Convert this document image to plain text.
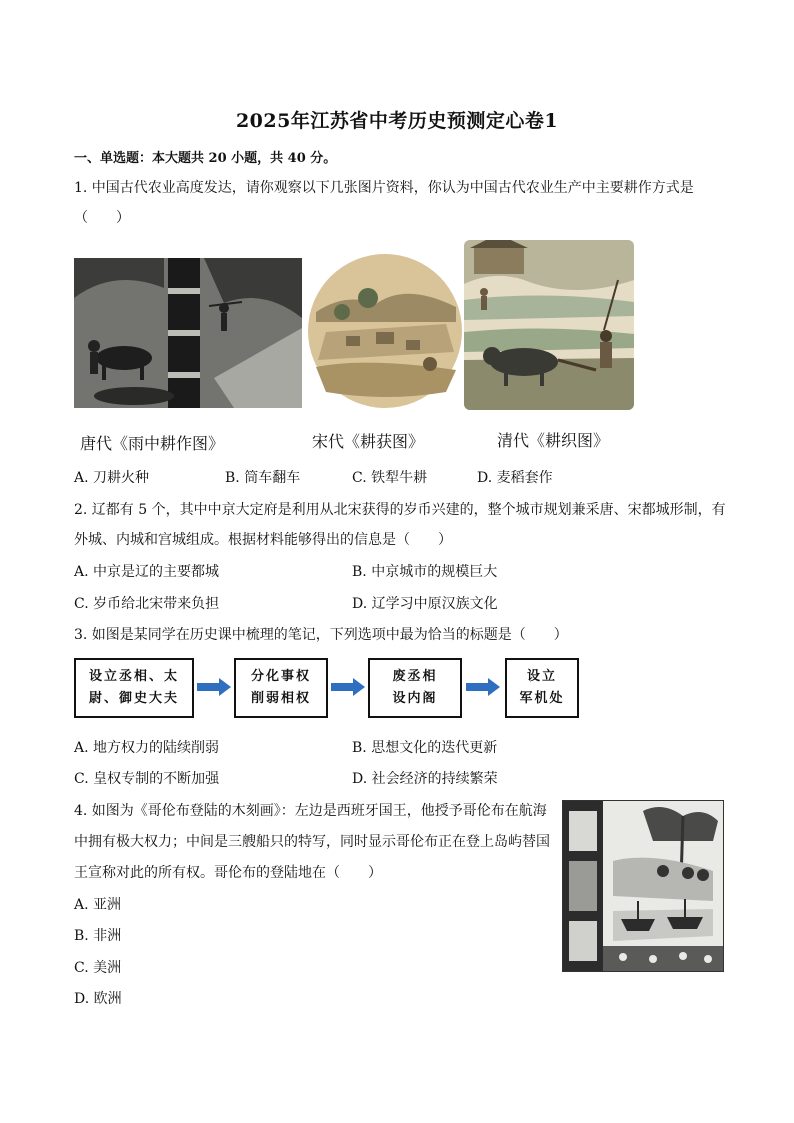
2025年江苏省中考历史预测定心卷1
一、单选题：本大题共 20 小题，共 40 分。
1. 中国古代农业高度发达，请你观察以下几张图片资料，你认为中国古代农业生产中主要耕作方式是
（　　）
唐代《雨中耕作图》	宋代《耕获图》	清代《耕织图》
A. 刀耕火种	B. 筒车翻车	C. 铁犁牛耕	D. 麦稻套作
2. 辽都有 5 个，其中中京大定府是利用从北宋获得的岁币兴建的，整个城市规划兼采唐、宋都城形制，有
外城、内城和宫城组成。根据材料能够得出的信息是（　　）
A. 中京是辽的主要都城	B. 中京城市的规模巨大
C. 岁币给北宋带来负担	D. 辽学习中原汉族文化
3. 如图是某同学在历史课中梳理的笔记，下列选项中最为恰当的标题是（　　）
设立丞相、太
尉、御史大夫
分化事权
削弱相权
废丞相
设内阁
设立
军机处
A. 地方权力的陆续削弱	B. 思想文化的迭代更新
C. 皇权专制的不断加强	D. 社会经济的持续繁荣
4. 如图为《哥伦布登陆的木刻画》：左边是西班牙国王，他授予哥伦布在航海
中拥有极大权力；中间是三艘船只的特写，同时显示哥伦布正在登上岛屿替国
王宣称对此的所有权。哥伦布的登陆地在（　　）
A. 亚洲
B. 非洲
C. 美洲
D. 欧洲
